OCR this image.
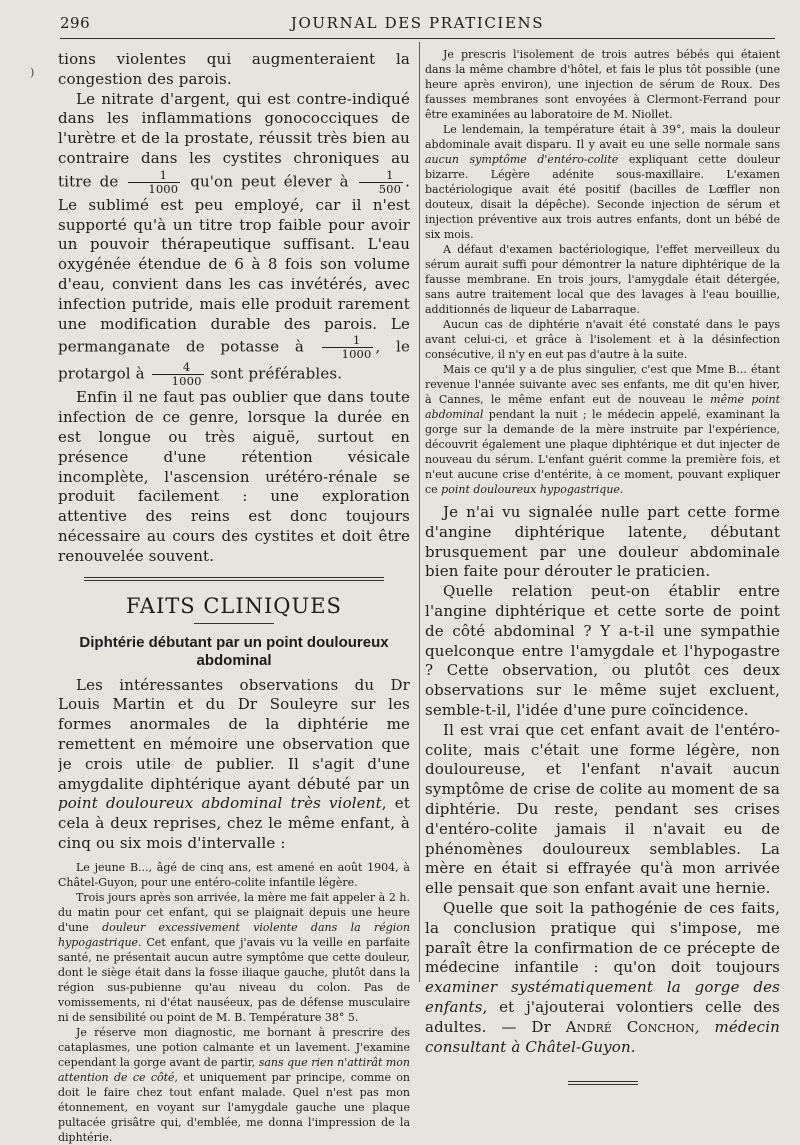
296	JOURNAL DES PRATICIENS
)

tions violentes qui augmenteraient la congestion des parois.

Le nitrate d'argent, qui est contre-indiqué dans les inflammations gonococciques de l'urètre et de la prostate, réussit très bien au contraire dans les cystites chroniques au titre de $\frac{1}{1000} qu'on$ peut élever à $\frac{1}{500}$ . Le sublimé est peu employé, car il n'est supporté qu'à un titre trop faible pour avoir un pouvoir thérapeutique suffisant. L'eau oxygénée étendue de 6 à 8 fois son volume d'eau, convient dans les cas invétérés, avec infection putride, mais elle produit rarement une modification durable des parois. Le permanganate de potasse à $\frac{1}{1000}$ , le protargol à $\frac{4}{1000}$ sont préférables.

Enfin il ne faut pas oublier que dans toute infection de ce genre, lorsque la durée en est longue ou très aiguë, surtout en présence d'une rétention vésicale incomplète, l'ascension urétéro-rénale se produit facilement : une exploration attentive des reins est donc toujours nécessaire au cours des cystites et doit être renouvelée souvent.

FAITS CLINIQUES
Diphtérie débutant par un point douloureux abdominal

Les intéressantes observations du Dr Louis Martin et du Dr Souleyre sur les formes anormales de la diphtérie me remettent en mémoire une observation que je crois utile de publier. Il s'agit d'une amygdalite diphtérique ayant débuté par un point douloureux abdominal très violent, et cela à deux reprises, chez le même enfant, à cinq ou six mois d'intervalle :

Le jeune B..., âgé de cinq ans, est amené en août 1904, à Châtel-Guyon, pour une entéro-colite infantile légère.

Trois jours après son arrivée, la mère me fait appeler à 2 h. du matin pour cet enfant, qui se plaignait depuis une heure d'une douleur excessivement violente dans la région hypogastrique. Cet enfant, que j'avais vu la veille en parfaite santé, ne présentait aucun autre symptôme que cette douleur, dont le siège était dans la fosse iliaque gauche, plutôt dans la région sus-pubienne qu'au niveau du colon. Pas de vomissements, ni d'état nauséeux, pas de défense musculaire ni de sensibilité ou point de M. B. Température 38° 5.

Je réserve mon diagnostic, me bornant à prescrire des cataplasmes, une potion calmante et un lavement. J'examine cependant la gorge avant de partir, sans que rien n'attirât mon attention de ce côté, et uniquement par principe, comme on doit le faire chez tout enfant malade. Quel n'est pas mon étonnement, en voyant sur l'amygdale gauche une plaque pultacée grisâtre qui, d'emblée, me donna l'impression de la diphtérie.

Je prescris l'isolement de trois autres bébés qui étaient dans la même chambre d'hôtel, et fais le plus tôt possible (une heure après environ), une injection de sérum de Roux. Des fausses membranes sont envoyées à Clermont-Ferrand pour être examinées au laboratoire de M. Niollet.

Le lendemain, la température était à 39°, mais la douleur abdominale avait disparu. Il y avait eu une selle normale sans aucun symptôme d'entéro-colite expliquant cette douleur bizarre. Légère adénite sous-maxillaire. L'examen bactériologique avait été positif (bacilles de Lœffler non douteux, disait la dépêche). Seconde injection de sérum et injection préventive aux trois autres enfants, dont un bébé de six mois.

A défaut d'examen bactériologique, l'effet merveilleux du sérum aurait suffi pour démontrer la nature diphtérique de la fausse membrane. En trois jours, l'amygdale était détergée, sans autre traitement local que des lavages à l'eau bouillie, additionnés de liqueur de Labarraque.

Aucun cas de diphtérie n'avait été constaté dans le pays avant celui-ci, et grâce à l'isolement et à la désinfection consécutive, il n'y en eut pas d'autre à la suite.

Mais ce qu'il y a de plus singulier, c'est que Mme B... étant revenue l'année suivante avec ses enfants, me dit qu'en hiver, à Cannes, le même enfant eut de nouveau le même point abdominal pendant la nuit ; le médecin appelé, examinant la gorge sur la demande de la mère instruite par l'expérience, découvrit également une plaque diphtérique et dut injecter de nouveau du sérum. L'enfant guérit comme la première fois, et n'eut aucune crise d'entérite, à ce moment, pouvant expliquer ce point douloureux hypogastrique.

Je n'ai vu signalée nulle part cette forme d'angine diphtérique latente, débutant brusquement par une douleur abdominale bien faite pour dérouter le praticien.

Quelle relation peut-on établir entre l'angine diphtérique et cette sorte de point de côté abdominal ? Y a-t-il une sympathie quelconque entre l'amygdale et l'hypogastre ? Cette observation, ou plutôt ces deux observations sur le même sujet excluent, semble-t-il, l'idée d'une pure coïncidence.

Il est vrai que cet enfant avait de l'entéro-colite, mais c'était une forme légère, non douloureuse, et l'enfant n'avait aucun symptôme de crise de colite au moment de sa diphtérie. Du reste, pendant ses crises d'entéro-colite jamais il n'avait eu de phénomènes douloureux semblables. La mère en était si effrayée qu'à mon arrivée elle pensait que son enfant avait une hernie.

Quelle que soit la pathogénie de ces faits, la conclusion pratique qui s'impose, me paraît être la confirmation de ce précepte de médecine infantile : qu'on doit toujours examiner systématiquement la gorge des enfants, et j'ajouterai volontiers celle des adultes. — Dr André Conchon, médecin consultant à Châtel-Guyon.
